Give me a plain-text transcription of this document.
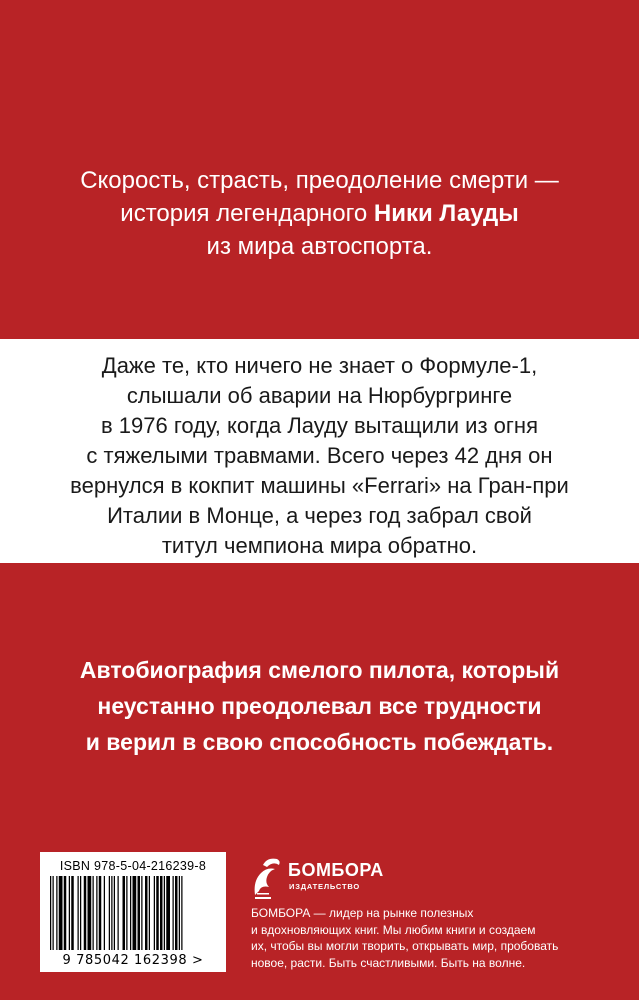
Скорость, страсть, преодоление смерти —
история легендарного Ники Лауды
из мира автоспорта.

Даже те, кто ничего не знает о Формуле-1,
слышали об аварии на Нюрбургринге
в 1976 году, когда Лауду вытащили из огня
с тяжелыми травмами. Всего через 42 дня он
вернулся в кокпит машины «Ferrari» на Гран-при
Италии в Монце, а через год забрал свой
титул чемпиона мира обратно.

Автобиография смелого пилота, который
неустанно преодолевал все трудности
и верил в свою способность побеждать.

ISBN 978-5-04-216239-8
9 785042 162398 >
БОМБОРА
ИЗДАТЕЛЬСТВО

БОМБОРА — лидер на рынке полезных
и вдохновляющих книг. Мы любим книги и создаем
их, чтобы вы могли творить, открывать мир, пробовать
новое, расти. Быть счастливыми. Быть на волне.
